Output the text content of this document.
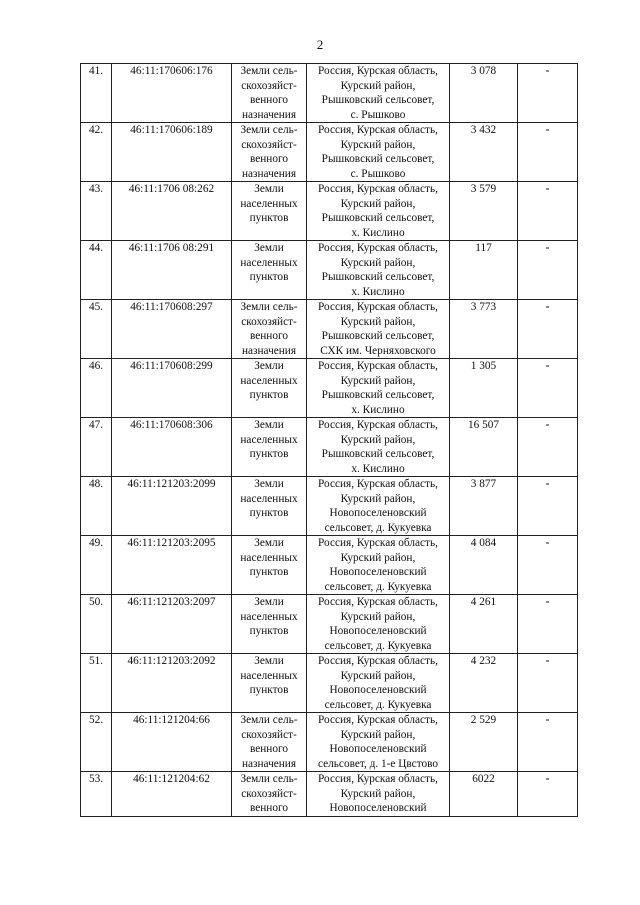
2
41.	46:11:170606:176	Земли сель-
скохозяйст-
венного
назначения	Россия, Курская область,
Курский район,
Рышковский сельсовет,
с. Рышково	3 078	-
42.	46:11:170606:189	Земли сель-
скохозяйст-
венного
назначения	Россия, Курская область,
Курский район,
Рышковский сельсовет,
с. Рышково	3 432	-
43.	46:11:1706 08:262	Земли
населенных
пунктов	Россия, Курская область,
Курский район,
Рышковский сельсовет,
х. Кислино	3 579	-
44.	46:11:1706 08:291	Земли
населенных
пунктов	Россия, Курская область,
Курский район,
Рышковский сельсовет,
х. Кислино	117	-
45.	46:11:170608:297	Земли сель-
скохозяйст-
венного
назначения	Россия, Курская область,
Курский район,
Рышковский сельсовет,
СХК им. Черняховского	3 773	-
46.	46:11:170608:299	Земли
населенных
пунктов	Россия, Курская область,
Курский район,
Рышковский сельсовет,
х. Кислино	1 305	-
47.	46:11:170608:306	Земли
населенных
пунктов	Россия, Курская область,
Курский район,
Рышковский сельсовет,
х. Кислино	16 507	-
48.	46:11:121203:2099	Земли
населенных
пунктов	Россия, Курская область,
Курский район,
Новопоселеновский
сельсовет, д. Кукуевка	3 877	-
49.	46:11:121203:2095	Земли
населенных
пунктов	Россия, Курская область,
Курский район,
Новопоселеновский
сельсовет, д. Кукуевка	4 084	-
50.	46:11:121203:2097	Земли
населенных
пунктов	Россия, Курская область,
Курский район,
Новопоселеновский
сельсовет, д. Кукуевка	4 261	-
51.	46:11:121203:2092	Земли
населенных
пунктов	Россия, Курская область,
Курский район,
Новопоселеновский
сельсовет, д. Кукуевка	4 232	-
52.	46:11:121204:66	Земли сель-
скохозяйст-
венного
назначения	Россия, Курская область,
Курский район,
Новопоселеновский
сельсовет, д. 1-е Цвстово	2 529	-
53.	46:11:121204:62	Земли сель-
скохозяйст-
венного	Россия, Курская область,
Курский район,
Новопоселеновский	6022	-
